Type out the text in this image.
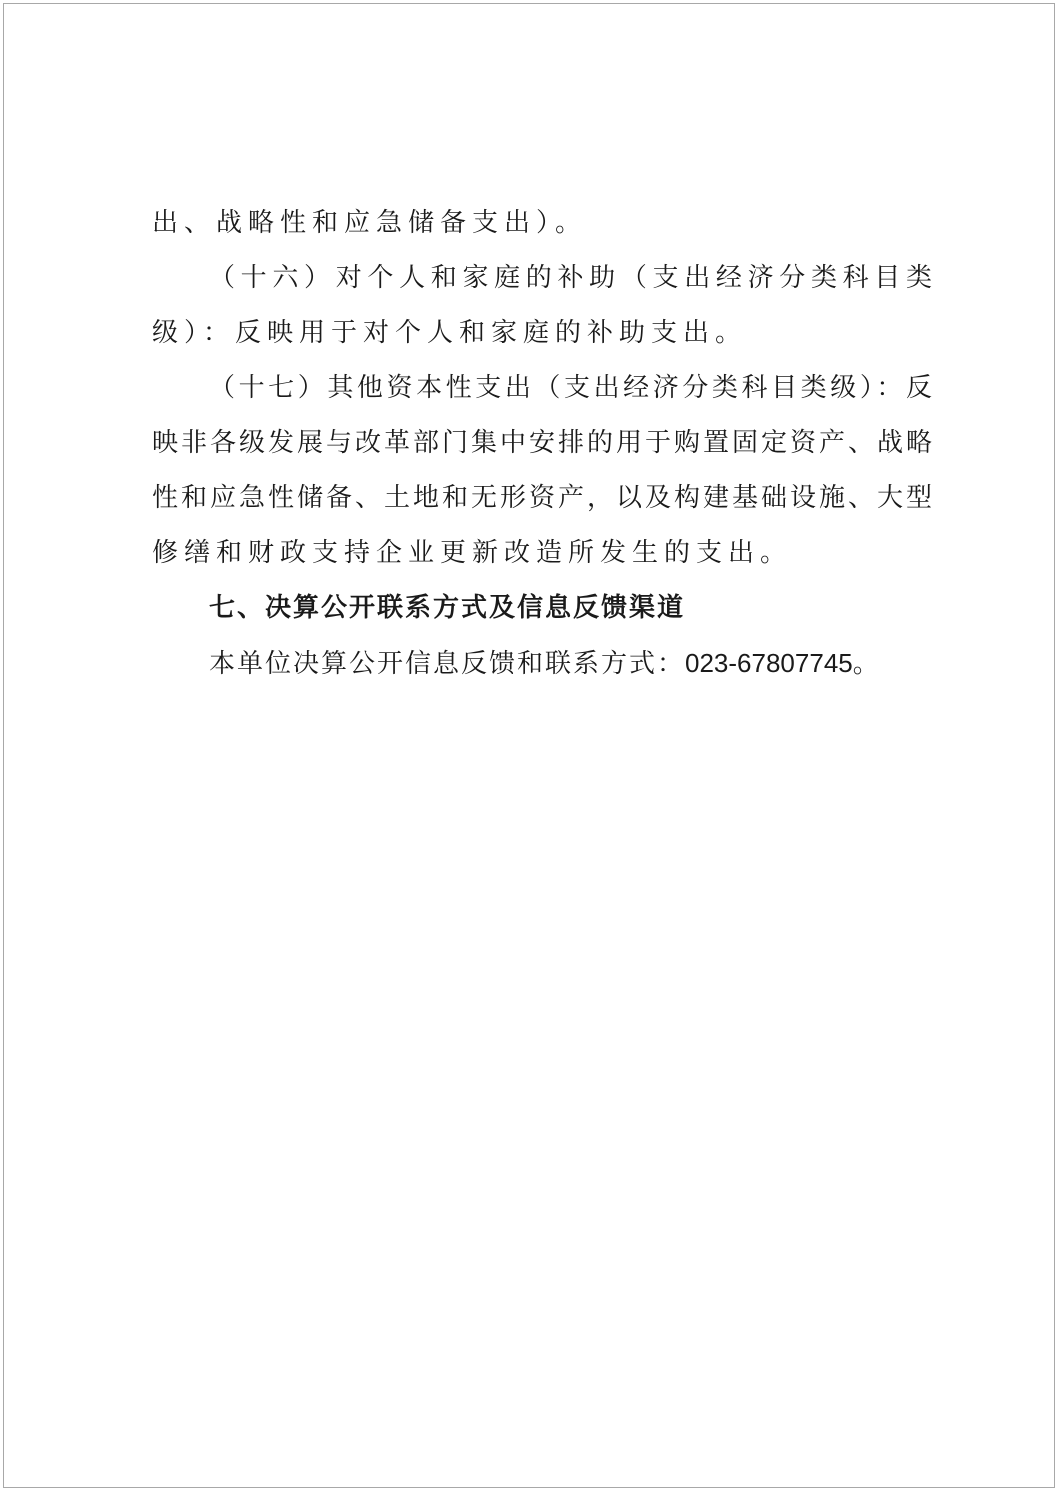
出、战略性和应急储备支出）。
（十六）对个人和家庭的补助（支出经济分类科目类
级）：反映用于对个人和家庭的补助支出。
（十七）其他资本性支出（支出经济分类科目类级）：反
映非各级发展与改革部门集中安排的用于购置固定资产、战略
性和应急性储备、土地和无形资产，以及构建基础设施、大型
修缮和财政支持企业更新改造所发生的支出。
七、决算公开联系方式及信息反馈渠道
本单位决算公开信息反馈和联系方式：023-67807745。
